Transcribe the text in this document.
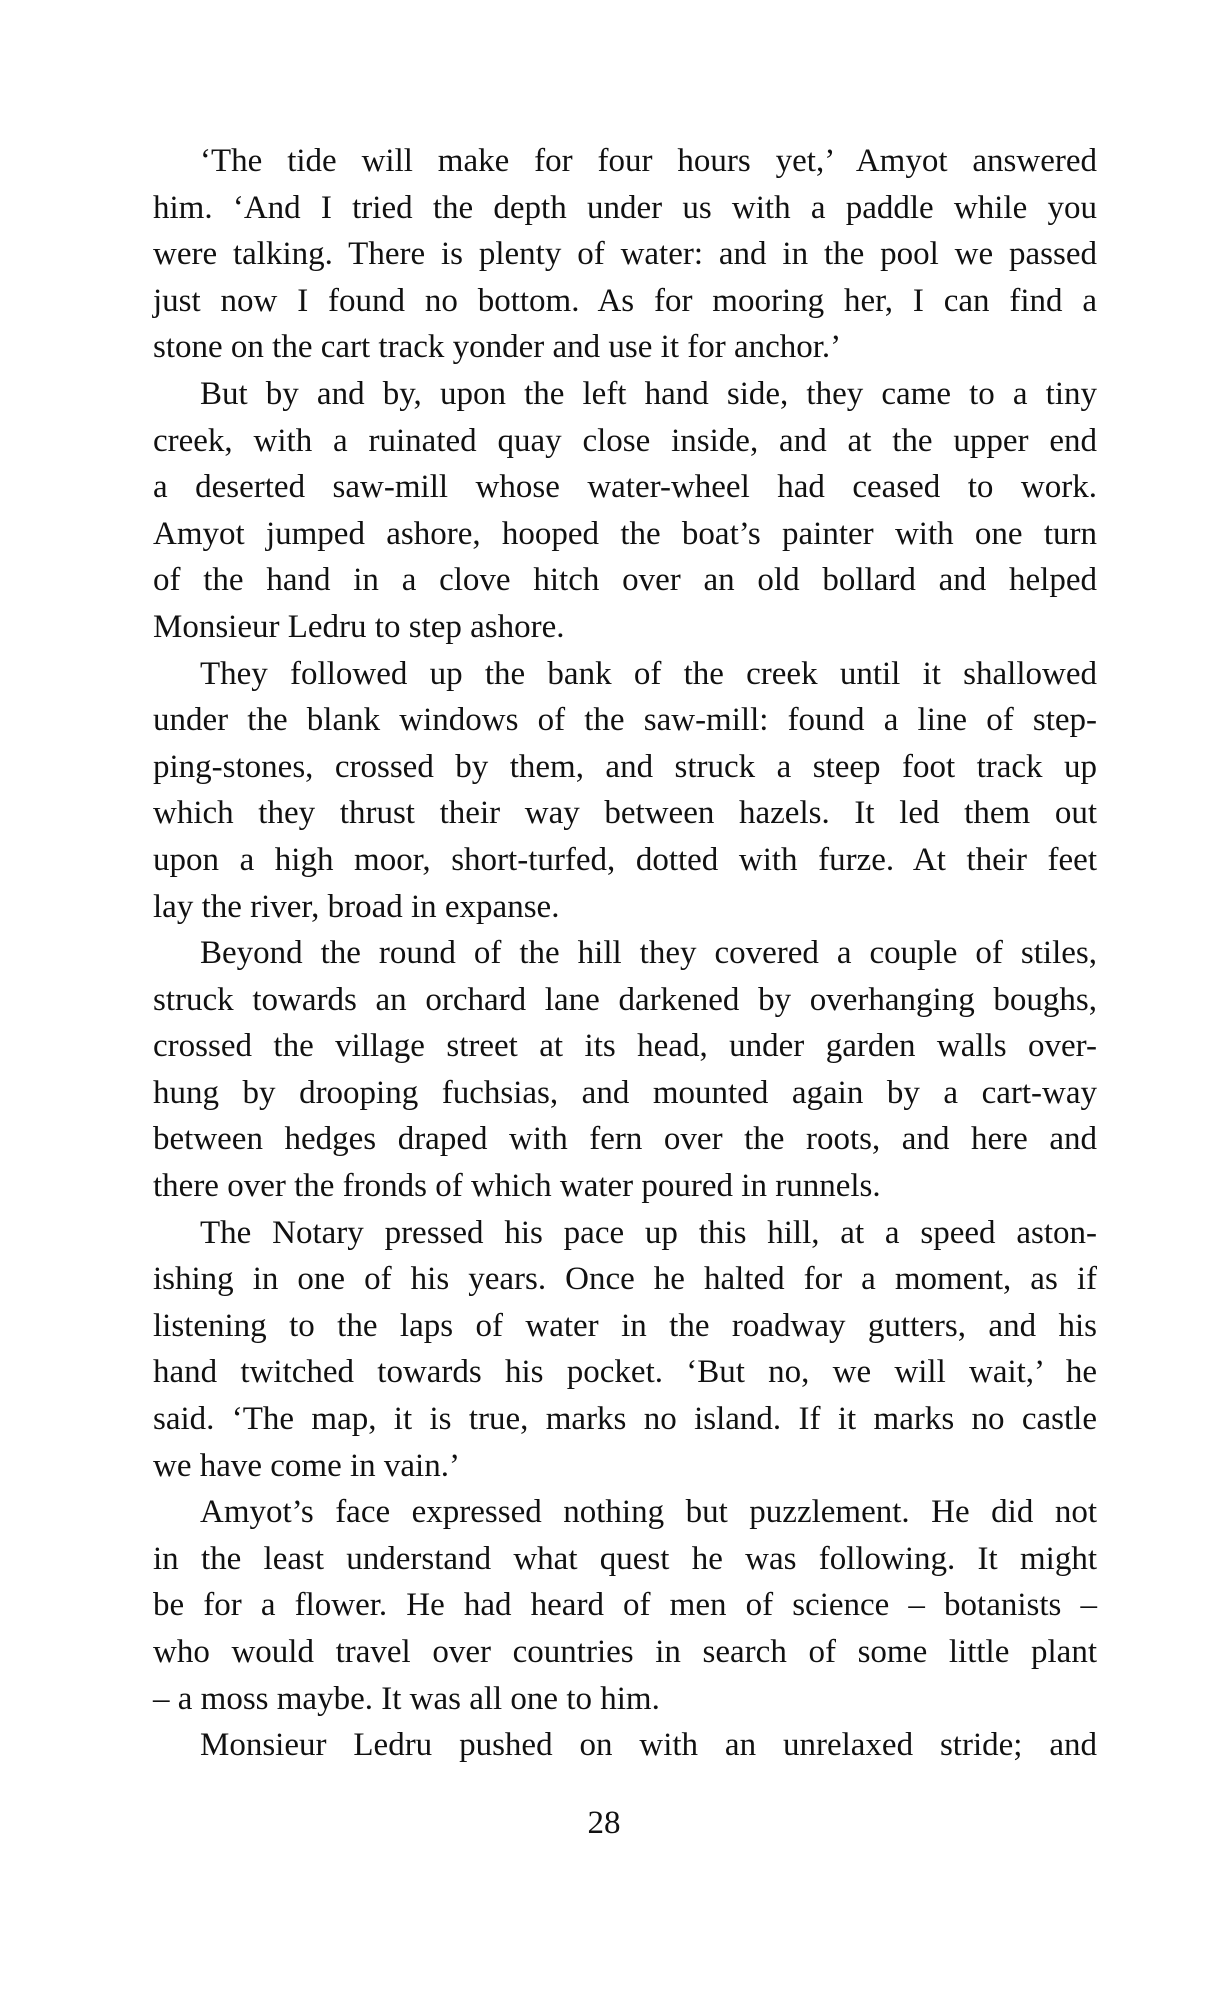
‘The tide will make for four hours yet,’ Amyot answered
him. ‘And I tried the depth under us with a paddle while you
were talking. There is plenty of water: and in the pool we passed
just now I found no bottom. As for mooring her, I can find a
stone on the cart track yonder and use it for anchor.’
But by and by, upon the left hand side, they came to a tiny
creek, with a ruinated quay close inside, and at the upper end
a deserted saw-mill whose water-wheel had ceased to work.
Amyot jumped ashore, hooped the boat’s painter with one turn
of the hand in a clove hitch over an old bollard and helped
Monsieur Ledru to step ashore.
They followed up the bank of the creek until it shallowed
under the blank windows of the saw-mill: found a line of step-
ping-stones, crossed by them, and struck a steep foot track up
which they thrust their way between hazels. It led them out
upon a high moor, short-turfed, dotted with furze. At their feet
lay the river, broad in expanse.
Beyond the round of the hill they covered a couple of stiles,
struck towards an orchard lane darkened by overhanging boughs,
crossed the village street at its head, under garden walls over-
hung by drooping fuchsias, and mounted again by a cart-way
between hedges draped with fern over the roots, and here and
there over the fronds of which water poured in runnels.
The Notary pressed his pace up this hill, at a speed aston-
ishing in one of his years. Once he halted for a moment, as if
listening to the laps of water in the roadway gutters, and his
hand twitched towards his pocket. ‘But no, we will wait,’ he
said. ‘The map, it is true, marks no island. If it marks no castle
we have come in vain.’
Amyot’s face expressed nothing but puzzlement. He did not
in the least understand what quest he was following. It might
be for a flower. He had heard of men of science – botanists –
who would travel over countries in search of some little plant
– a moss maybe. It was all one to him.
Monsieur Ledru pushed on with an unrelaxed stride; and
28
